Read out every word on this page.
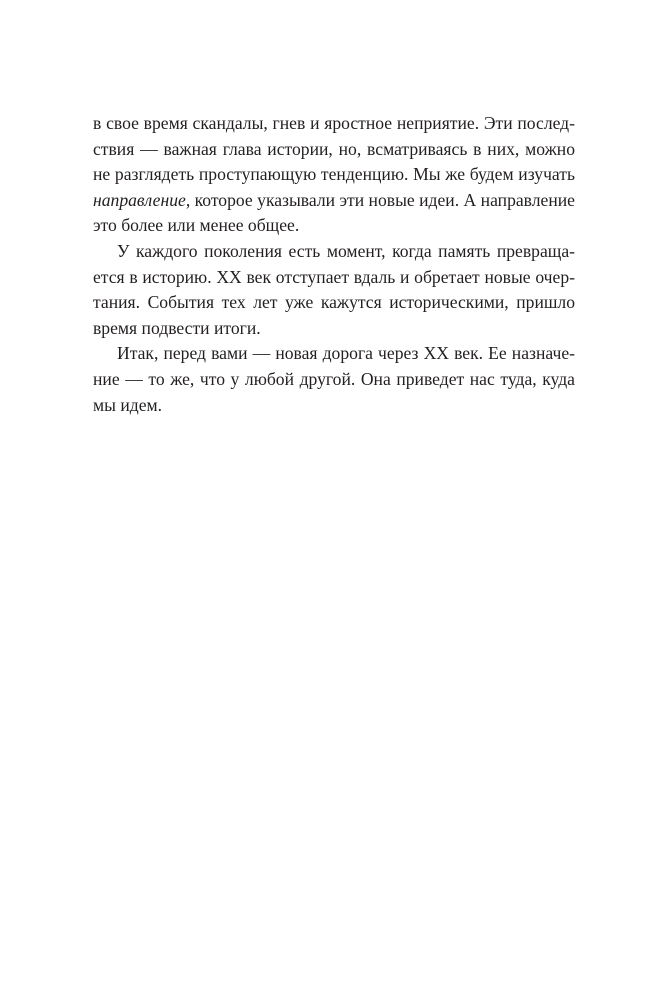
в свое время скандалы, гнев и яростное неприятие. Эти послед-
ствия — важная глава истории, но, всматриваясь в них, можно
не разглядеть проступающую тенденцию. Мы же будем изучать
направление, которое указывали эти новые идеи. А направление
это более или менее общее.
У каждого поколения есть момент, когда память превраща-
ется в историю. XX век отступает вдаль и обретает новые очер-
тания. События тех лет уже кажутся историческими, пришло
время подвести итоги.
Итак, перед вами — новая дорога через XX век. Ее назначе-
ние — то же, что у любой другой. Она приведет нас туда, куда
мы идем.
